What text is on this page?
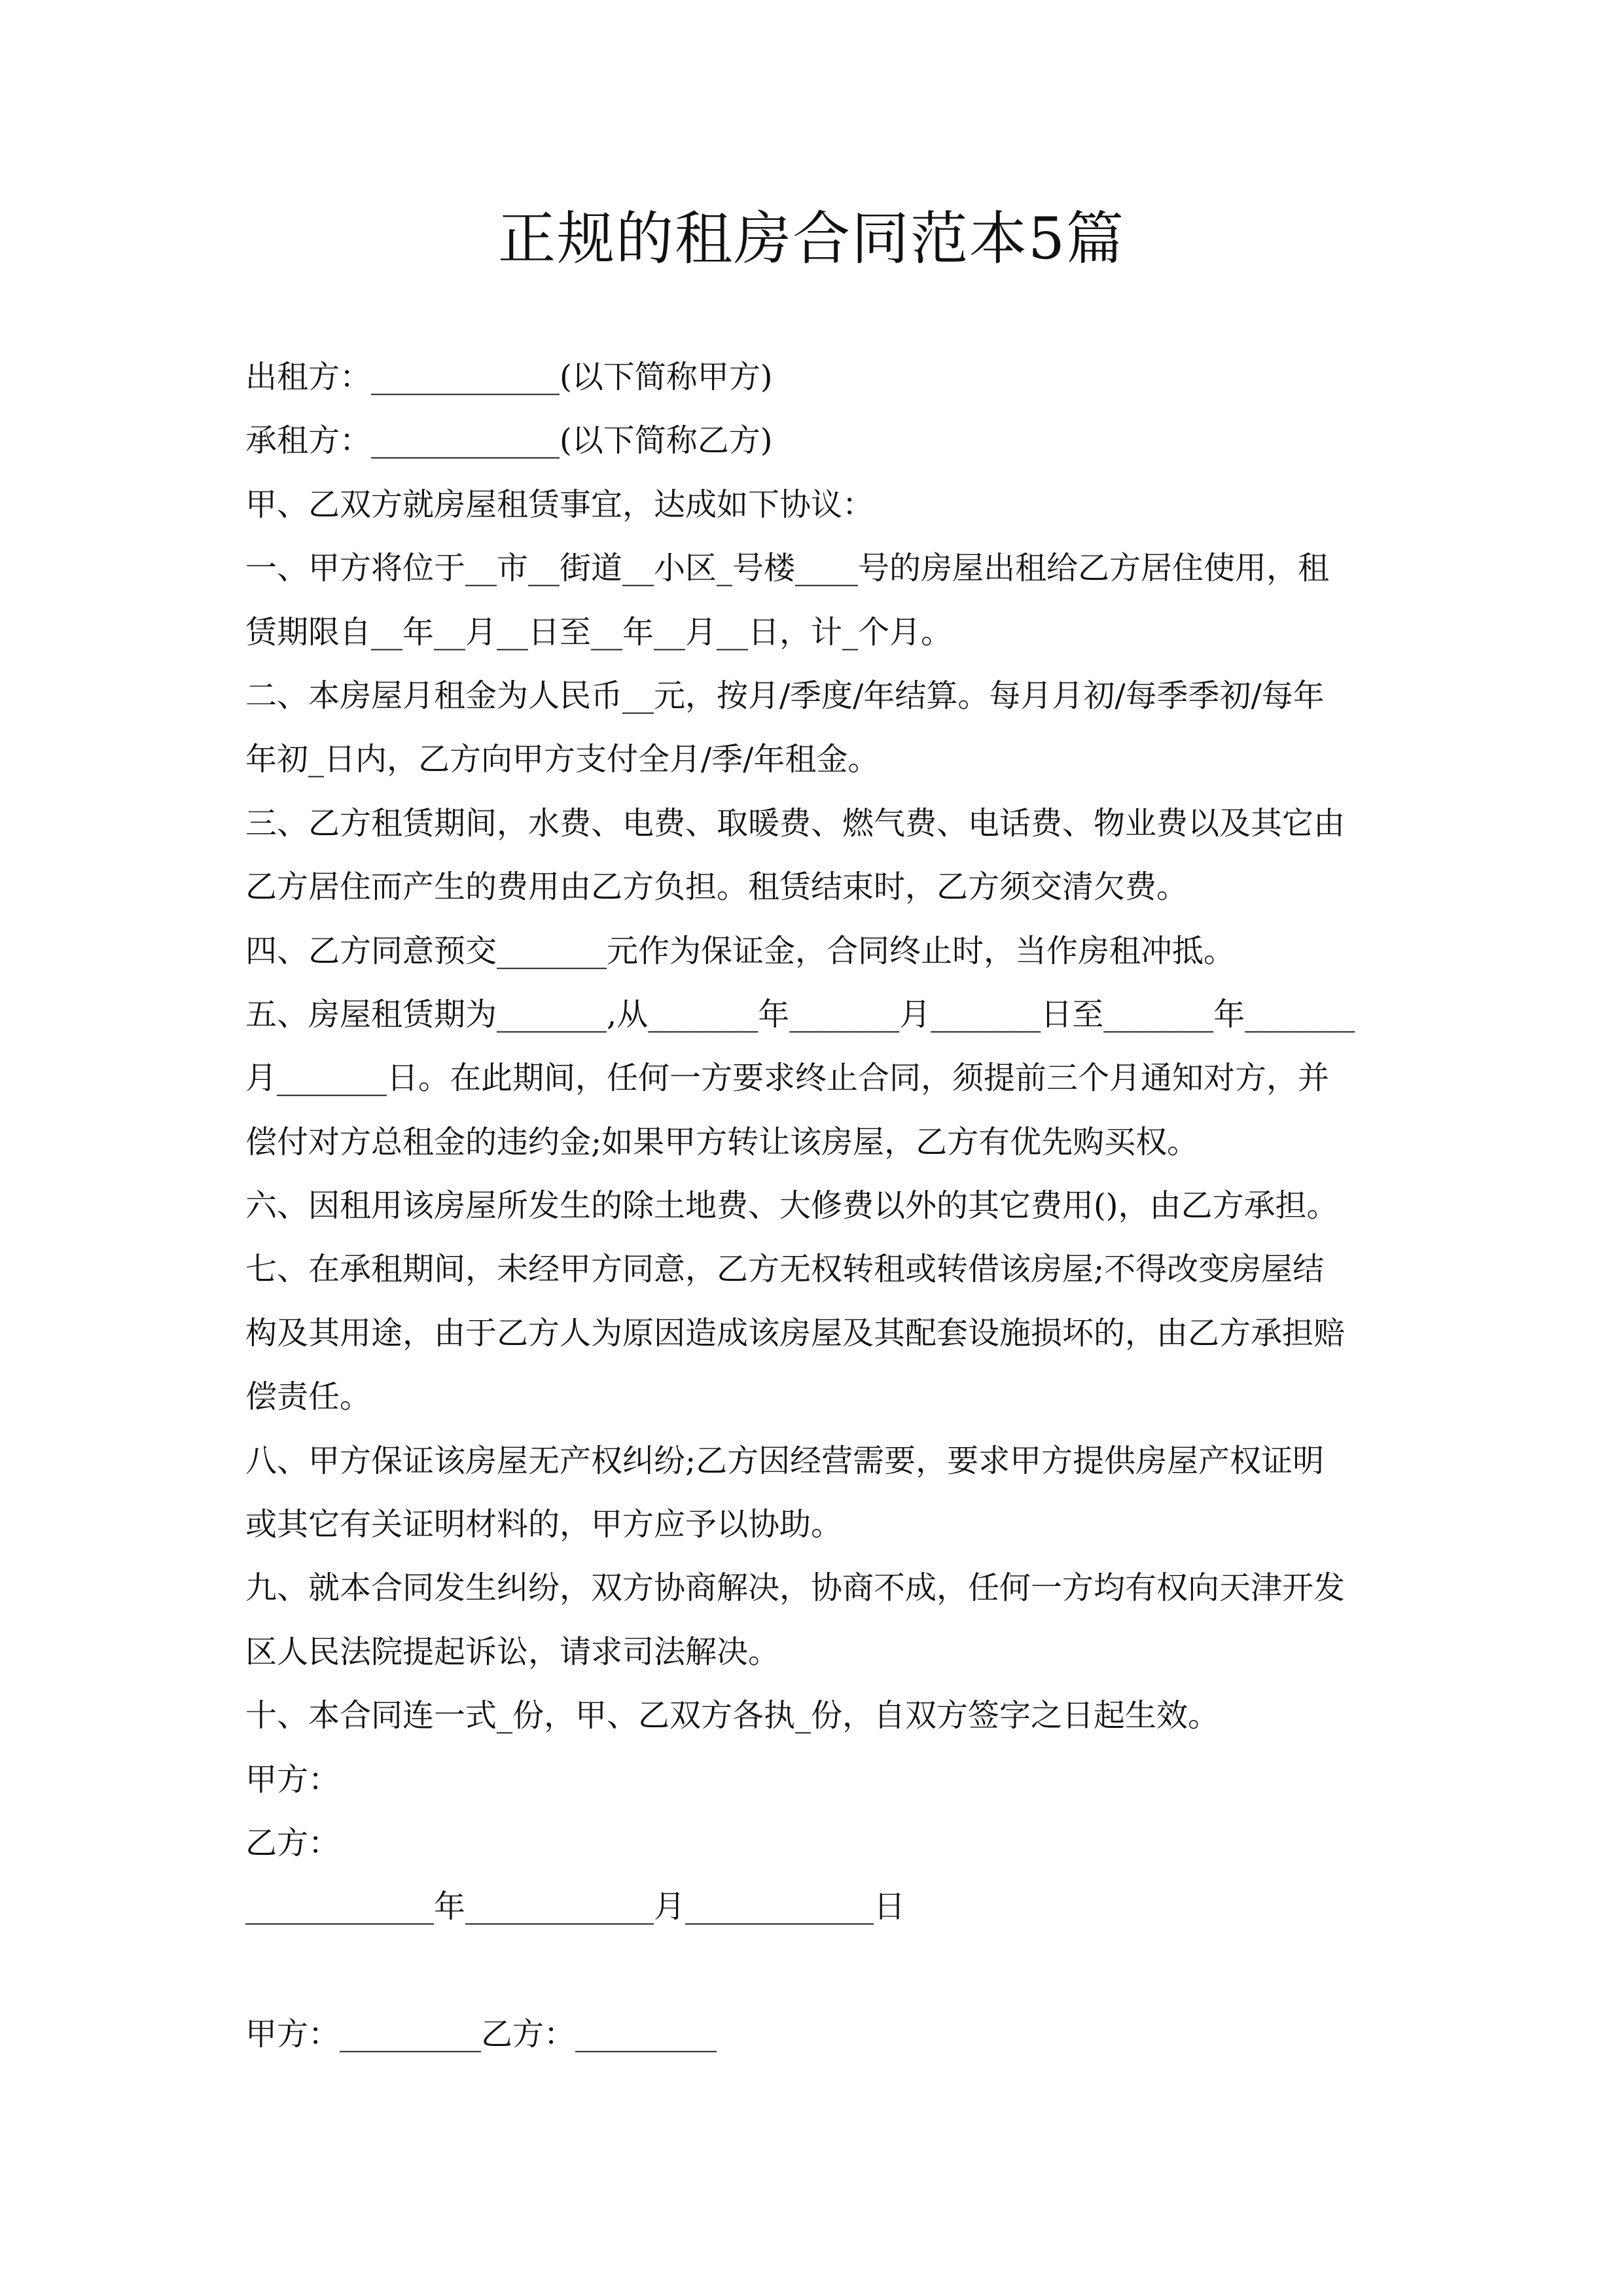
正规的租房合同范本5篇
出租方：____________(以下简称甲方)
承租方：____________(以下简称乙方)
甲、乙双方就房屋租赁事宜，达成如下协议：
一、甲方将位于__市__街道__小区_号楼____号的房屋出租给乙方居住使用，租
赁期限自__年__月__日至__年__月__日，计_个月。
二、本房屋月租金为人民币__元，按月/季度/年结算。每月月初/每季季初/每年
年初_日内，乙方向甲方支付全月/季/年租金。
三、乙方租赁期间，水费、电费、取暖费、燃气费、电话费、物业费以及其它由
乙方居住而产生的费用由乙方负担。租赁结束时，乙方须交清欠费。
四、乙方同意预交_______元作为保证金，合同终止时，当作房租冲抵。
五、房屋租赁期为_______,从_______年_______月_______日至_______年_______
月_______日。在此期间，任何一方要求终止合同，须提前三个月通知对方，并
偿付对方总租金的违约金;如果甲方转让该房屋，乙方有优先购买权。
六、因租用该房屋所发生的除土地费、大修费以外的其它费用()，由乙方承担。
七、在承租期间，未经甲方同意，乙方无权转租或转借该房屋;不得改变房屋结
构及其用途，由于乙方人为原因造成该房屋及其配套设施损坏的，由乙方承担赔
偿责任。
八、甲方保证该房屋无产权纠纷;乙方因经营需要，要求甲方提供房屋产权证明
或其它有关证明材料的，甲方应予以协助。
九、就本合同发生纠纷，双方协商解决，协商不成，任何一方均有权向天津开发
区人民法院提起诉讼，请求司法解决。
十、本合同连一式_份，甲、乙双方各执_份，自双方签字之日起生效。
甲方：
乙方：
____________年____________月____________日
甲方：_________乙方：_________
